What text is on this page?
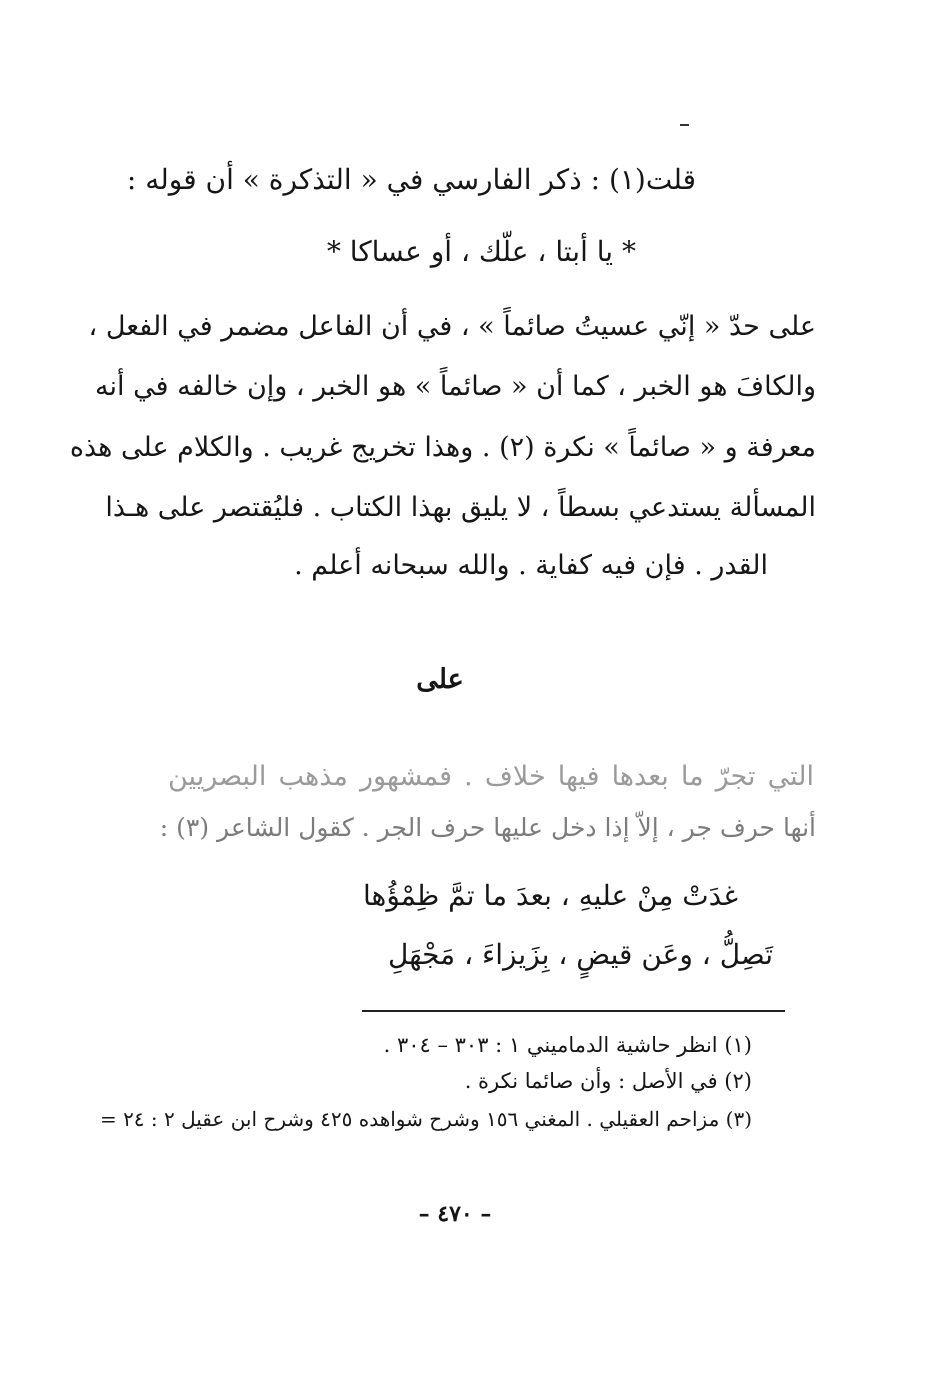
قلت(١) : ذكر الفارسي في « التذكرة » أن قوله :
* يا أبتا ، علّك ، أو عساكا *
على حدّ « إنّي عسيتُ صائماً » ، في أن الفاعل مضمر في الفعل ،
والكافَ هو الخبر ، كما أن « صائماً » هو الخبر ، وإن خالفه في أنه
معرفة و « صائماً » نكرة (٢) . وهذا تخريج غريب . والكلام على هذه
المسألة يستدعي بسطاً ، لا يليق بهذا الكتاب . فليُقتصر على هـذا
القدر . فإن فيه كفاية . والله سبحانه أعلم .
على
التي تجرّ ما بعدها فيها خلاف . فمشهور مذهب البصريين
أنها حرف جر ، إلاّ إذا دخل عليها حرف الجر . كقول الشاعر (٣) :
غدَتْ مِنْ عليهِ ، بعدَ ما تمَّ ظِمْؤُها
تَصِلُّ ، وعَن قيضٍ ، بِزَيزاءَ ، مَجْهَلِ
(١) انظر حاشية الدماميني ١ : ٣٠٣ – ٣٠٤ .
(٢) في الأصل : وأن صائما نكرة .
(٣) مزاحم العقيلي . المغني ١٥٦ وشرح شواهده ٤٢٥ وشرح ابن عقيل ٢ : ٢٤ =
– ٤٧٠ –
